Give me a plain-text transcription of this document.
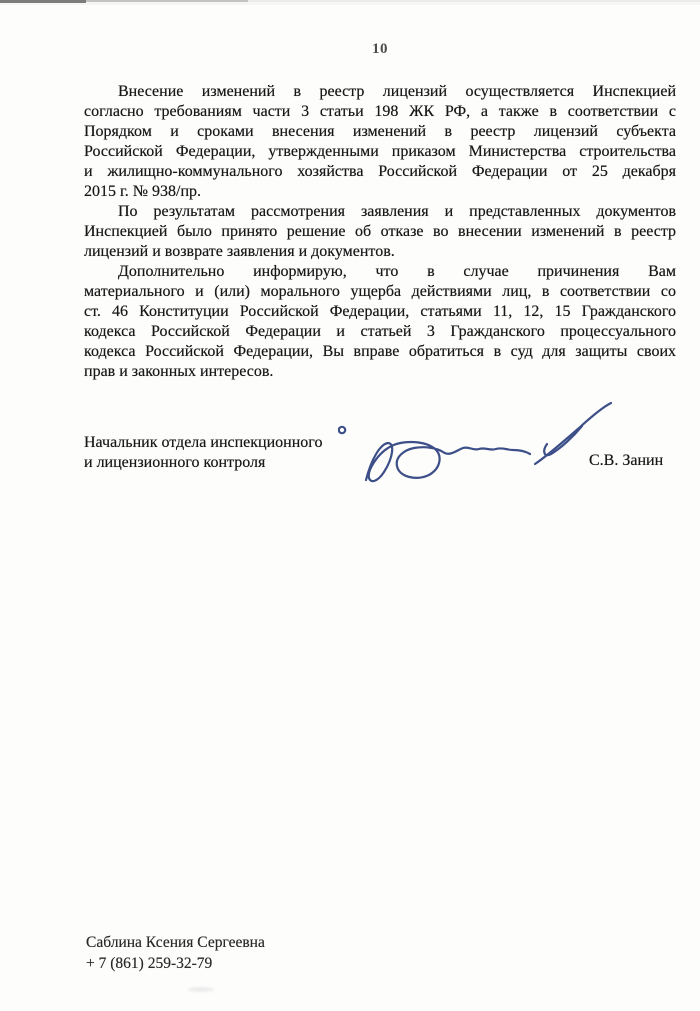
10
Внесение изменений в реестр лицензий осуществляется Инспекцией
согласно требованиям части 3 статьи 198 ЖК РФ, а также в соответствии с
Порядком и сроками внесения изменений в реестр лицензий субъекта
Российской Федерации, утвержденными приказом Министерства строительства
и жилищно-коммунального хозяйства Российской Федерации от 25 декабря
2015 г. № 938/пр.
По результатам рассмотрения заявления и представленных документов
Инспекцией было принято решение об отказе во внесении изменений в реестр
лицензий и возврате заявления и документов.
Дополнительно информирую, что в случае причинения Вам
материального и (или) морального ущерба действиями лиц, в соответствии со
ст. 46 Конституции Российской Федерации, статьями 11, 12, 15 Гражданского
кодекса Российской Федерации и статьей 3 Гражданского процессуального
кодекса Российской Федерации, Вы вправе обратиться в суд для защиты своих
прав и законных интересов.
Начальник отдела инспекционного
и лицензионного контроля	С.В. Занин
Саблина Ксения Сергеевна
+ 7 (861) 259-32-79
